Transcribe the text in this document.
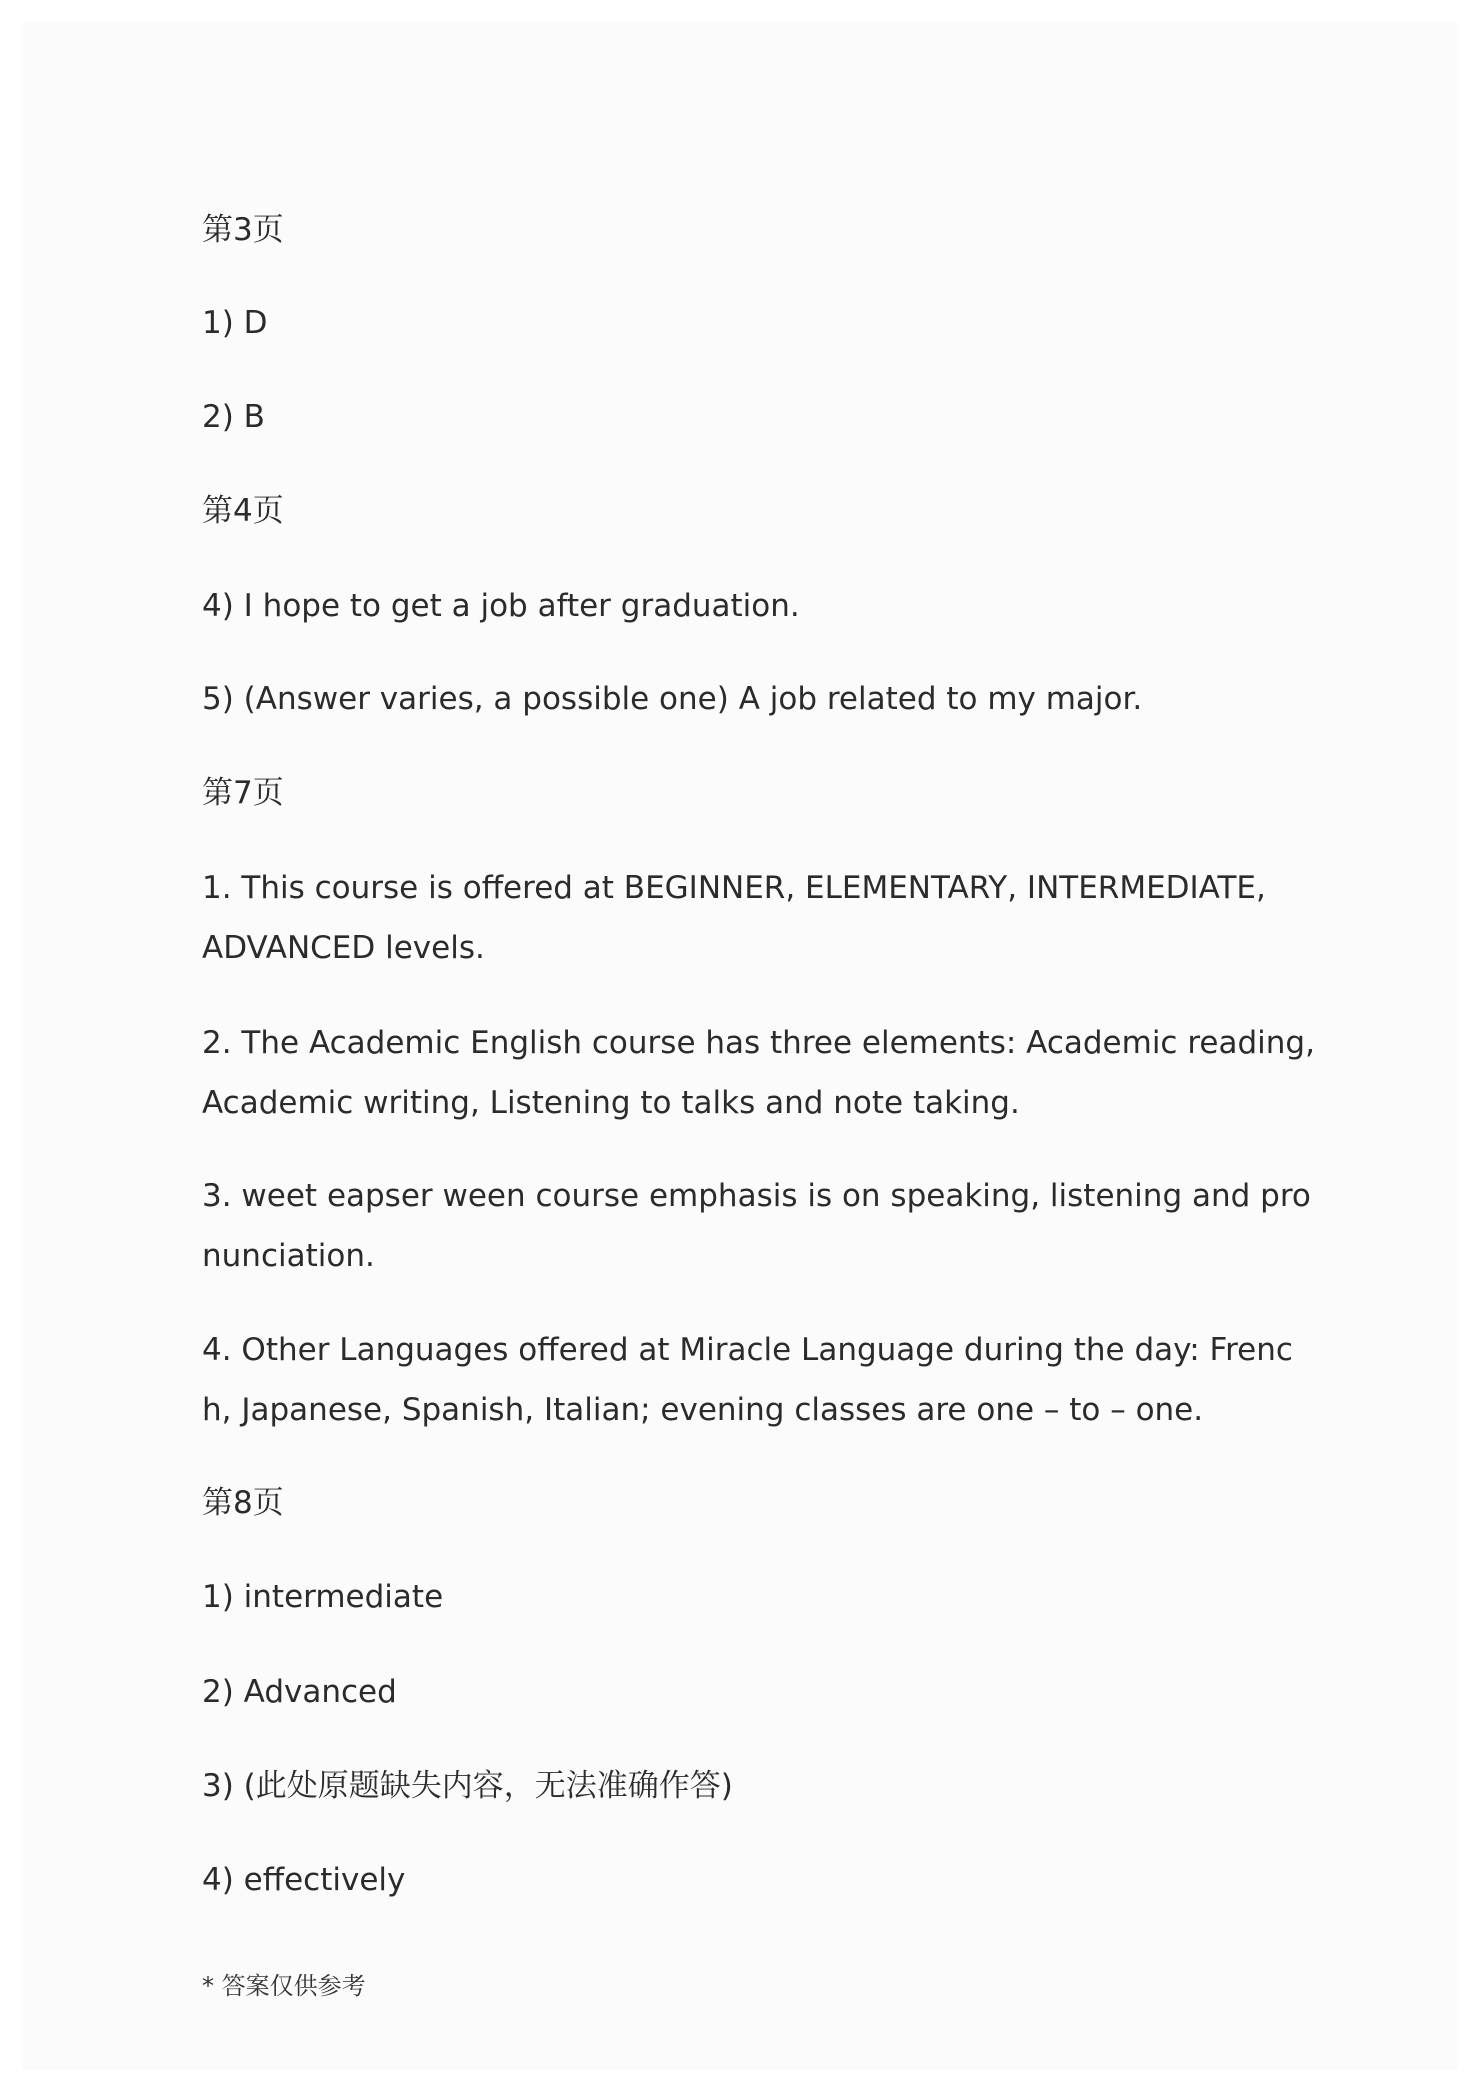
第3页
1) D
2) B
第4页
4) I hope to get a job after graduation.
5) (Answer varies, a possible one) A job related to my major.
第7页
1. This course is offered at BEGINNER, ELEMENTARY, INTERMEDIATE,
ADVANCED levels.
2. The Academic English course has three elements: Academic reading,
Academic writing, Listening to talks and note taking.
3. weet eapser ween course emphasis is on speaking, listening and pro
nunciation.
4. Other Languages offered at Miracle Language during the day: Frenc
h, Japanese, Spanish, Italian; evening classes are one – to – one.
第8页
1) intermediate
2) Advanced
3) (此处原题缺失内容，无法准确作答)
4) effectively
* 答案仅供参考
